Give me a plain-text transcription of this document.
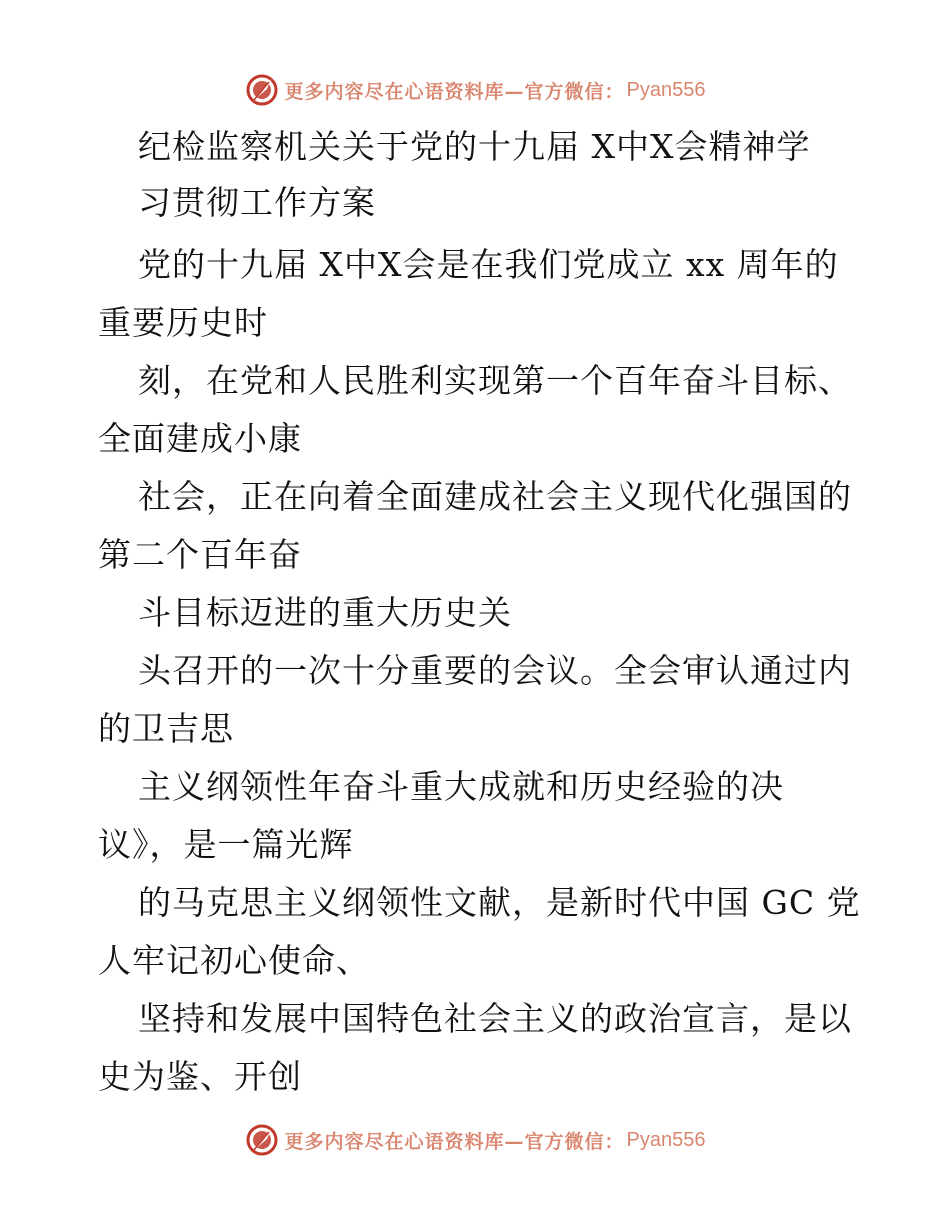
更多内容尽在心语资料库—官方微信： Pyan556
纪检监察机关关于党的十九届 X中X会精神学
习贯彻工作方案
党的十九届 X中X会是在我们党成立 xx 周年的
重要历史时
刻，在党和人民胜利实现第一个百年奋斗目标、
全面建成小康
社会，正在向着全面建成社会主义现代化强国的
第二个百年奋
斗目标迈进的重大历史关
头召开的一次十分重要的会议。全会审认通过内
的卫吉思
主义纲领性年奋斗重大成就和历史经验的决
议》，是一篇光辉
的马克思主义纲领性文献，是新时代中国 GC 党
人牢记初心使命、
坚持和发展中国特色社会主义的政治宣言，是以
史为鉴、开创
更多内容尽在心语资料库—官方微信： Pyan556
